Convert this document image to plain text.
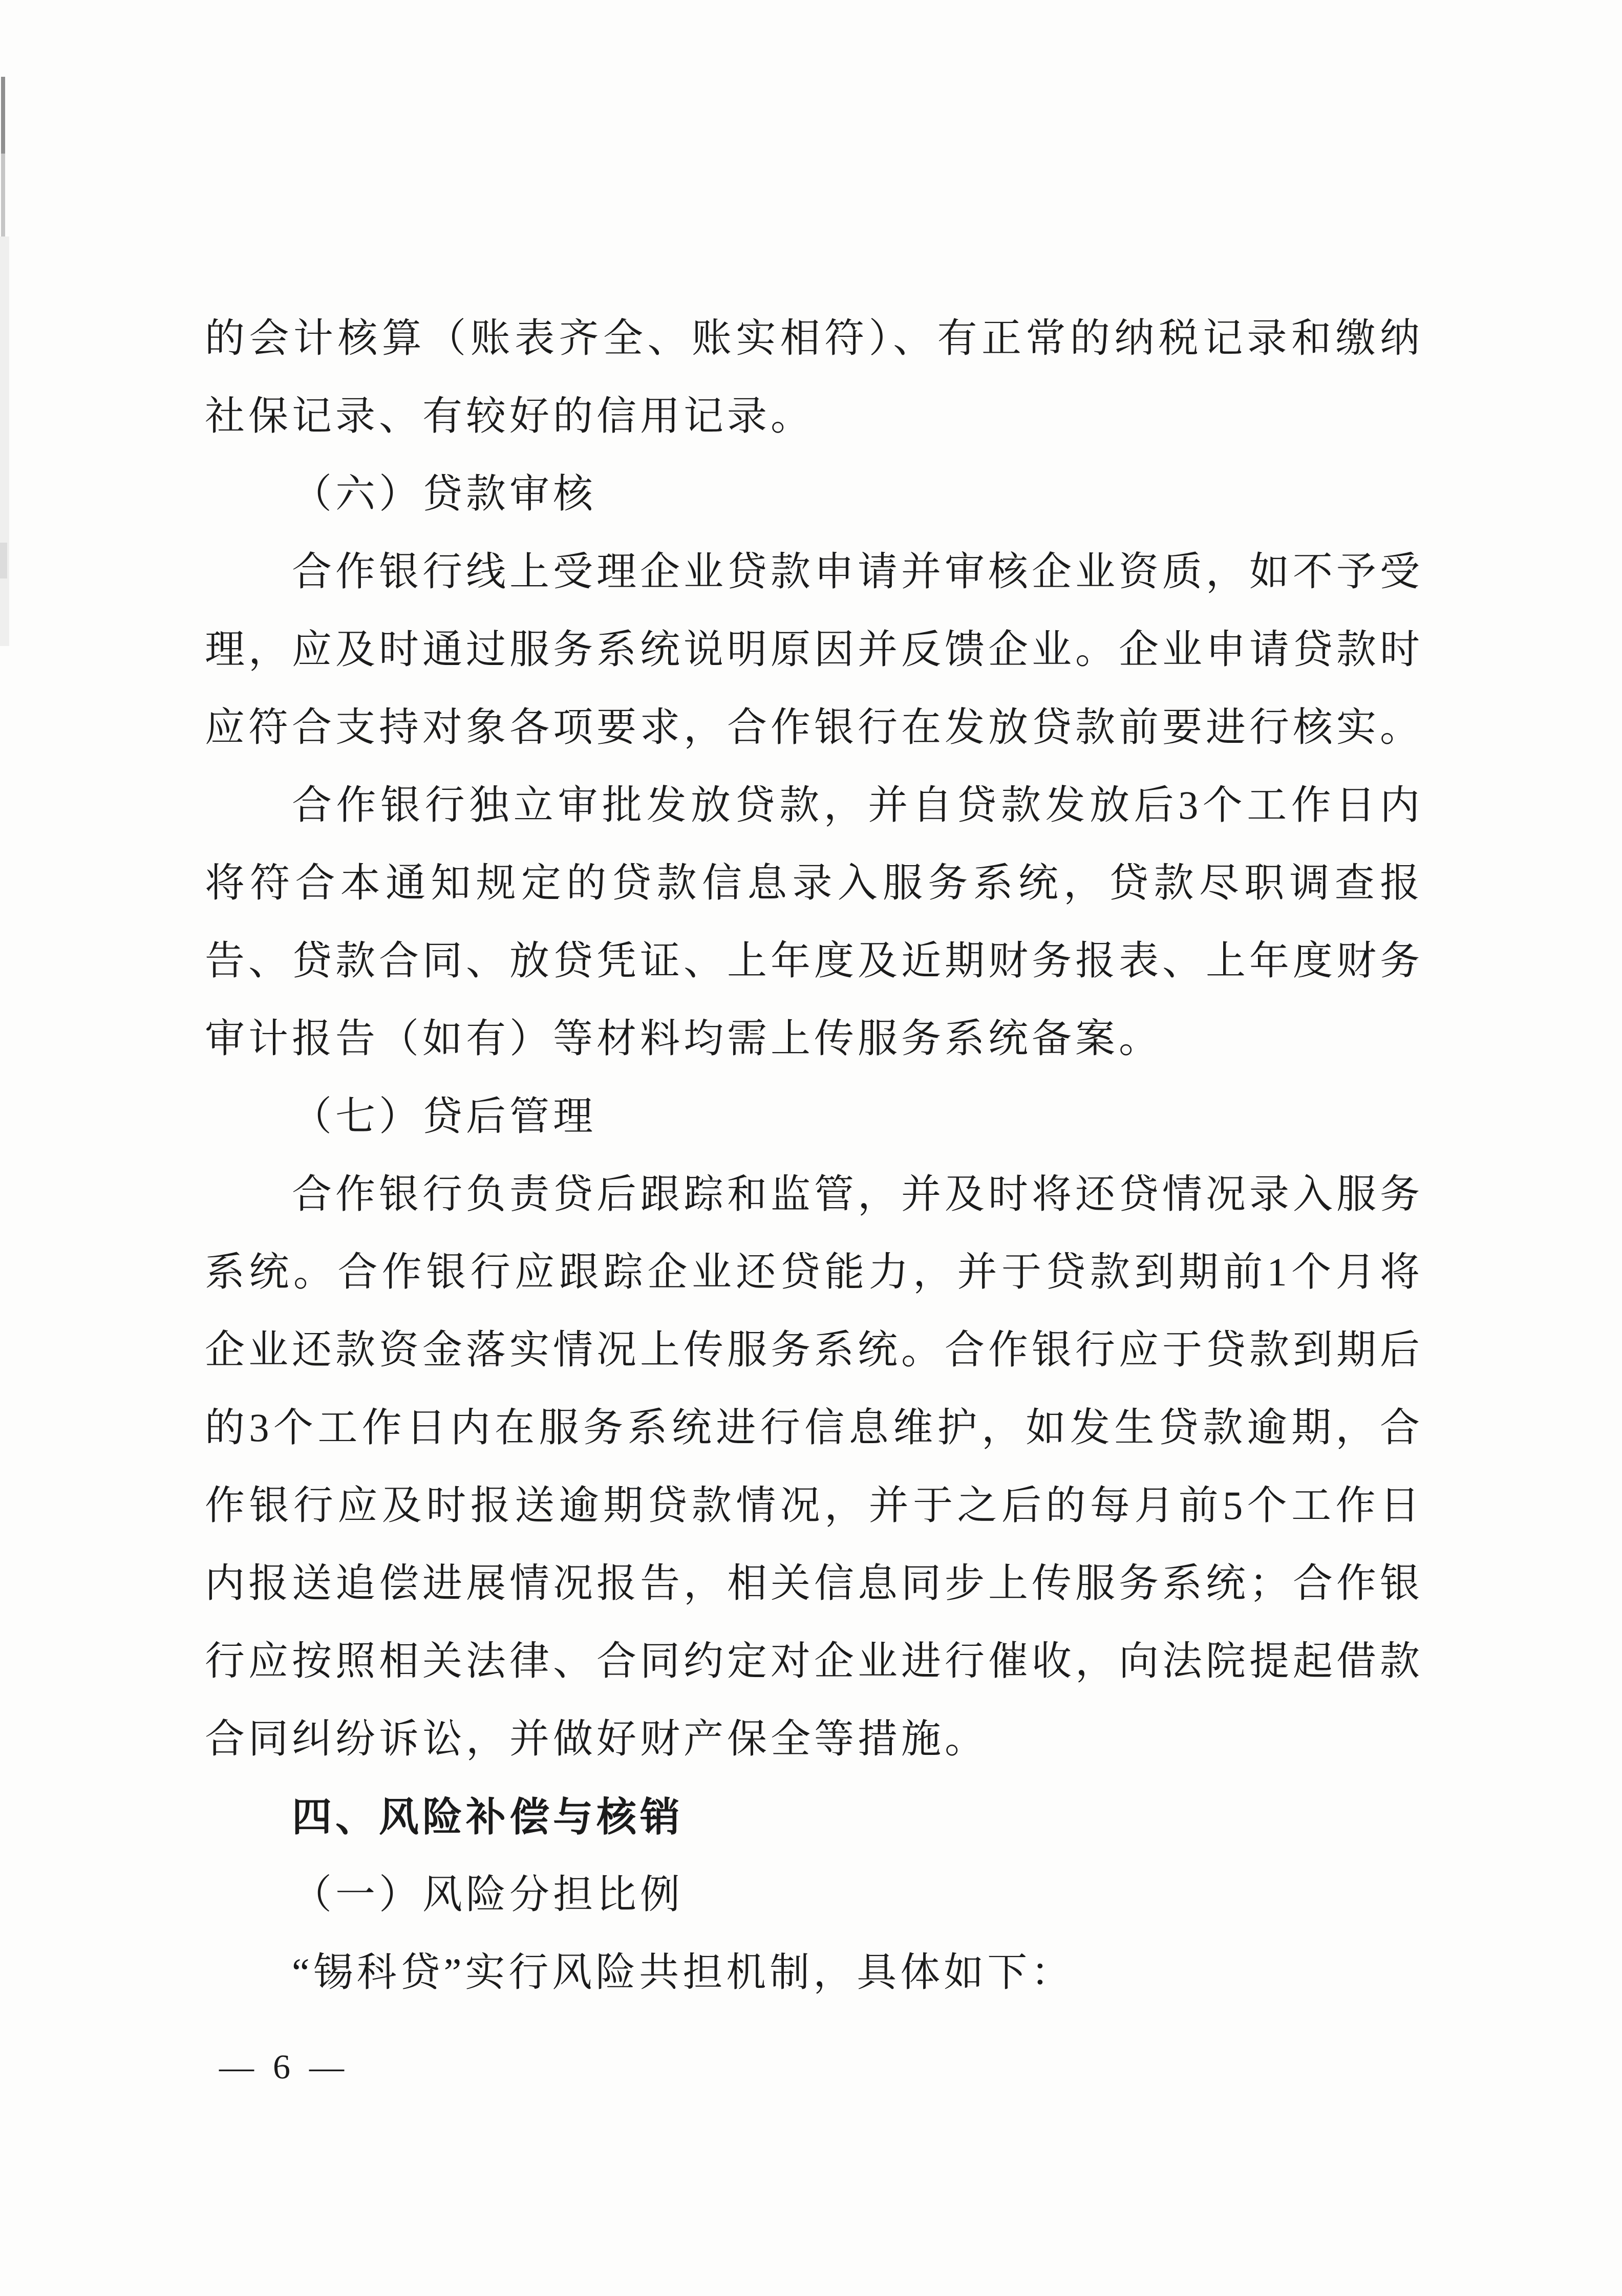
的会计核算（账表齐全、账实相符）、有正常的纳税记录和缴纳
社保记录、有较好的信用记录。
（六）贷款审核
合作银行线上受理企业贷款申请并审核企业资质，如不予受
理，应及时通过服务系统说明原因并反馈企业。企业申请贷款时
应符合支持对象各项要求，合作银行在发放贷款前要进行核实。
合作银行独立审批发放贷款，并自贷款发放后3个工作日内
将符合本通知规定的贷款信息录入服务系统，贷款尽职调查报
告、贷款合同、放贷凭证、上年度及近期财务报表、上年度财务
审计报告（如有）等材料均需上传服务系统备案。
（七）贷后管理
合作银行负责贷后跟踪和监管，并及时将还贷情况录入服务
系统。合作银行应跟踪企业还贷能力，并于贷款到期前1个月将
企业还款资金落实情况上传服务系统。合作银行应于贷款到期后
的3个工作日内在服务系统进行信息维护，如发生贷款逾期，合
作银行应及时报送逾期贷款情况，并于之后的每月前5个工作日
内报送追偿进展情况报告，相关信息同步上传服务系统；合作银
行应按照相关法律、合同约定对企业进行催收，向法院提起借款
合同纠纷诉讼，并做好财产保全等措施。
四、风险补偿与核销
（一）风险分担比例
“锡科贷”实行风险共担机制，具体如下：
— 6 —
